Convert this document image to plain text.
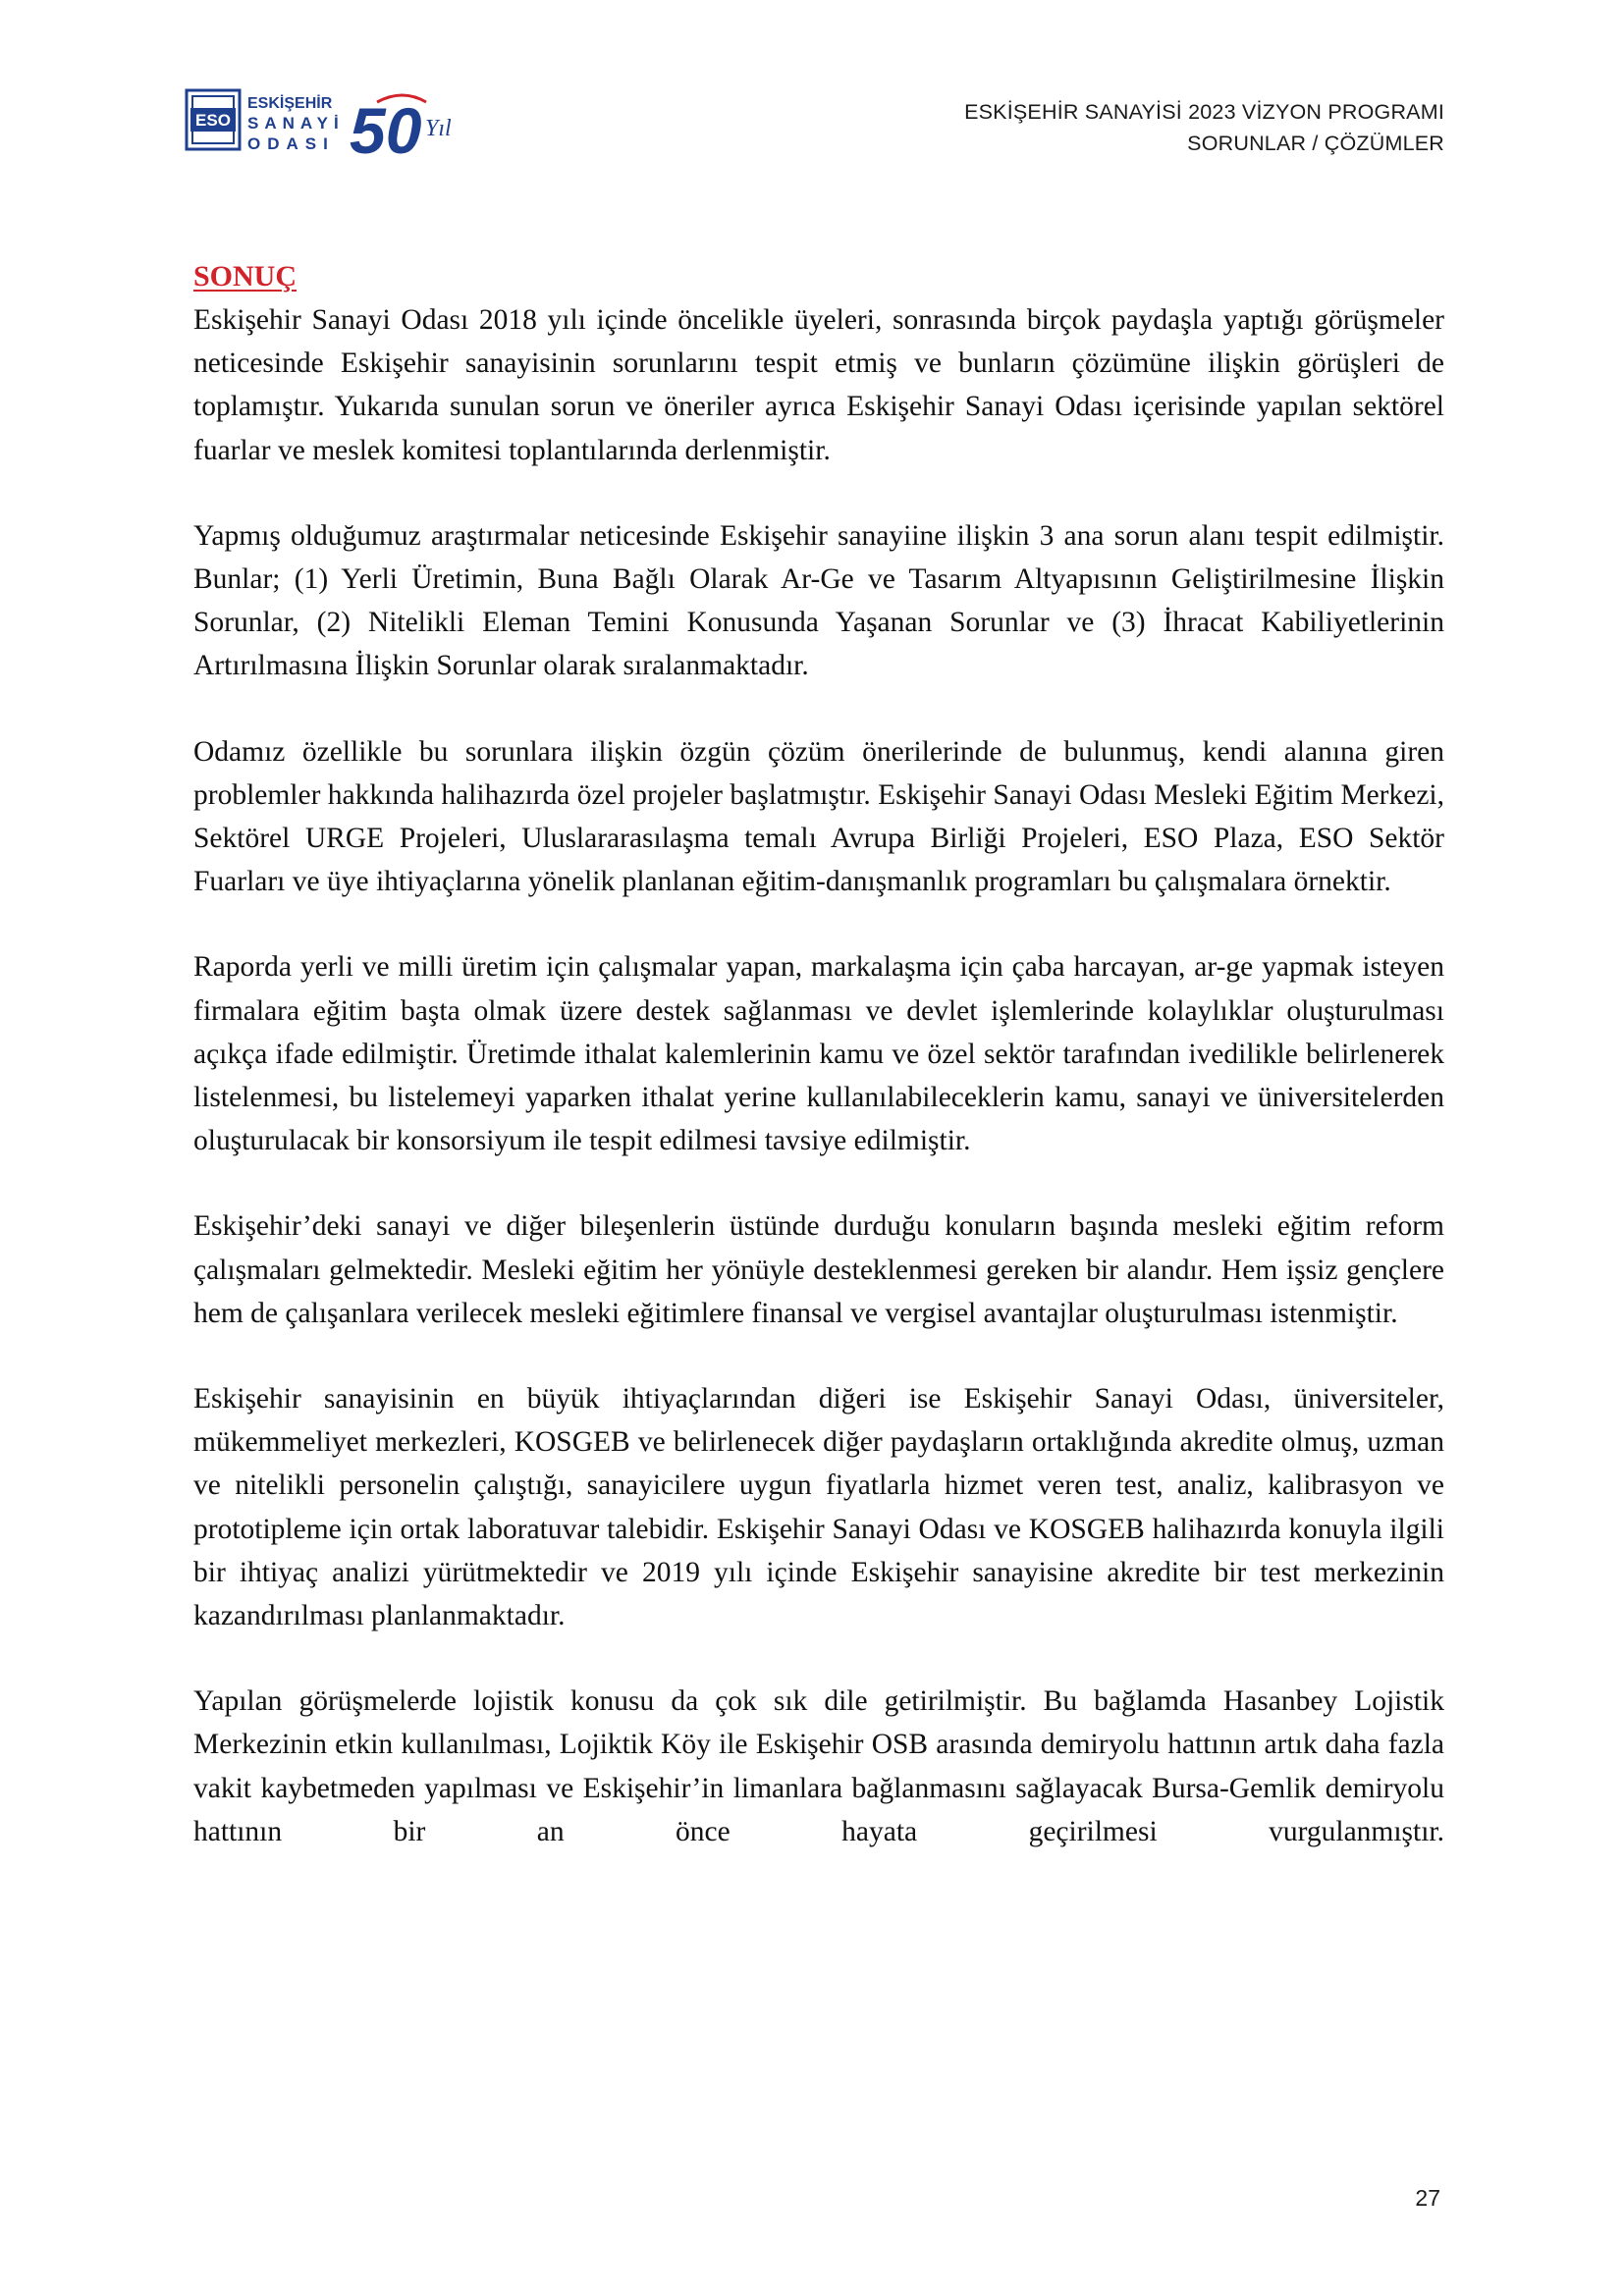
ESO
ESKİŞEHİR
SANAYİ
ODASI 50 Yıl
ESKİŞEHİR SANAYİSİ 2023 VİZYON PROGRAMI
SORUNLAR / ÇÖZÜMLER
SONUÇ

Eskişehir Sanayi Odası 2018 yılı içinde öncelikle üyeleri, sonrasında birçok paydaşla yaptığı görüşmeler neticesinde Eskişehir sanayisinin sorunlarını tespit etmiş ve bunların çözümüne ilişkin görüşleri de toplamıştır. Yukarıda sunulan sorun ve öneriler ayrıca Eskişehir Sanayi Odası içerisinde yapılan sektörel fuarlar ve meslek komitesi toplantılarında derlenmiştir.

Yapmış olduğumuz araştırmalar neticesinde Eskişehir sanayiine ilişkin 3 ana sorun alanı tespit edilmiştir. Bunlar; (1) Yerli Üretimin, Buna Bağlı Olarak Ar-Ge ve Tasarım Altyapısının Geliştirilmesine İlişkin Sorunlar, (2) Nitelikli Eleman Temini Konusunda Yaşanan Sorunlar ve (3) İhracat Kabiliyetlerinin Artırılmasına İlişkin Sorunlar olarak sıralanmaktadır.

Odamız özellikle bu sorunlara ilişkin özgün çözüm önerilerinde de bulunmuş, kendi alanına giren problemler hakkında halihazırda özel projeler başlatmıştır. Eskişehir Sanayi Odası Mesleki Eğitim Merkezi, Sektörel URGE Projeleri, Uluslararasılaşma temalı Avrupa Birliği Projeleri, ESO Plaza, ESO Sektör Fuarları ve üye ihtiyaçlarına yönelik planlanan eğitim-danışmanlık programları bu çalışmalara örnektir.

Raporda yerli ve milli üretim için çalışmalar yapan, markalaşma için çaba harcayan, ar-ge yapmak isteyen firmalara eğitim başta olmak üzere destek sağlanması ve devlet işlemlerinde kolaylıklar oluşturulması açıkça ifade edilmiştir. Üretimde ithalat kalemlerinin kamu ve özel sektör tarafından ivedilikle belirlenerek listelenmesi, bu listelemeyi yaparken ithalat yerine kullanılabileceklerin kamu, sanayi ve üniversitelerden oluşturulacak bir konsorsiyum ile tespit edilmesi tavsiye edilmiştir.

Eskişehir’deki sanayi ve diğer bileşenlerin üstünde durduğu konuların başında mesleki eğitim reform çalışmaları gelmektedir. Mesleki eğitim her yönüyle desteklenmesi gereken bir alandır. Hem işsiz gençlere hem de çalışanlara verilecek mesleki eğitimlere finansal ve vergisel avantajlar oluşturulması istenmiştir.

Eskişehir sanayisinin en büyük ihtiyaçlarından diğeri ise Eskişehir Sanayi Odası, üniversiteler, mükemmeliyet merkezleri, KOSGEB ve belirlenecek diğer paydaşların ortaklığında akredite olmuş, uzman ve nitelikli personelin çalıştığı, sanayicilere uygun fiyatlarla hizmet veren test, analiz, kalibrasyon ve prototipleme için ortak laboratuvar talebidir. Eskişehir Sanayi Odası ve KOSGEB halihazırda konuyla ilgili bir ihtiyaç analizi yürütmektedir ve 2019 yılı içinde Eskişehir sanayisine akredite bir test merkezinin kazandırılması planlanmaktadır.

Yapılan görüşmelerde lojistik konusu da çok sık dile getirilmiştir. Bu bağlamda Hasanbey Lojistik Merkezinin etkin kullanılması, Lojiktik Köy ile Eskişehir OSB arasında demiryolu hattının artık daha fazla vakit kaybetmeden yapılması ve Eskişehir’in limanlara bağlanmasını sağlayacak Bursa-Gemlik demiryolu hattının bir an önce hayata geçirilmesi vurgulanmıştır.

27
